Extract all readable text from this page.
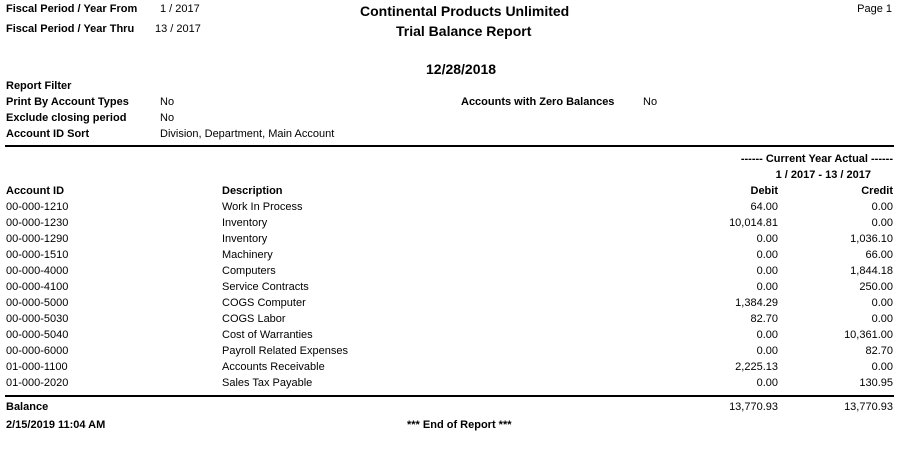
Fiscal Period / Year From 1 / 2017
Fiscal Period / Year Thru 13 / 2017
Continental Products Unlimited
Trial Balance Report
Page 1
12/28/2018
Report Filter
Print By Account Types	No
Exclude closing period	No
Account ID Sort	Division, Department, Main Account
Accounts with Zero Balances	No
------ Current Year Actual ------
1 / 2017 - 13 / 2017
Account ID	Description	Debit	Credit
00-000-1210	Work In Process	64.00	0.00
00-000-1230	Inventory	10,014.81	0.00
00-000-1290	Inventory	0.00	1,036.10
00-000-1510	Machinery	0.00	66.00
00-000-4000	Computers	0.00	1,844.18
00-000-4100	Service Contracts	0.00	250.00
00-000-5000	COGS Computer	1,384.29	0.00
00-000-5030	COGS Labor	82.70	0.00
00-000-5040	Cost of Warranties	0.00	10,361.00
00-000-6000	Payroll Related Expenses	0.00	82.70
01-000-1100	Accounts Receivable	2,225.13	0.00
01-000-2020	Sales Tax Payable	0.00	130.95
Balance	13,770.93	13,770.93
2/15/2019 11:04 AM	*** End of Report ***
